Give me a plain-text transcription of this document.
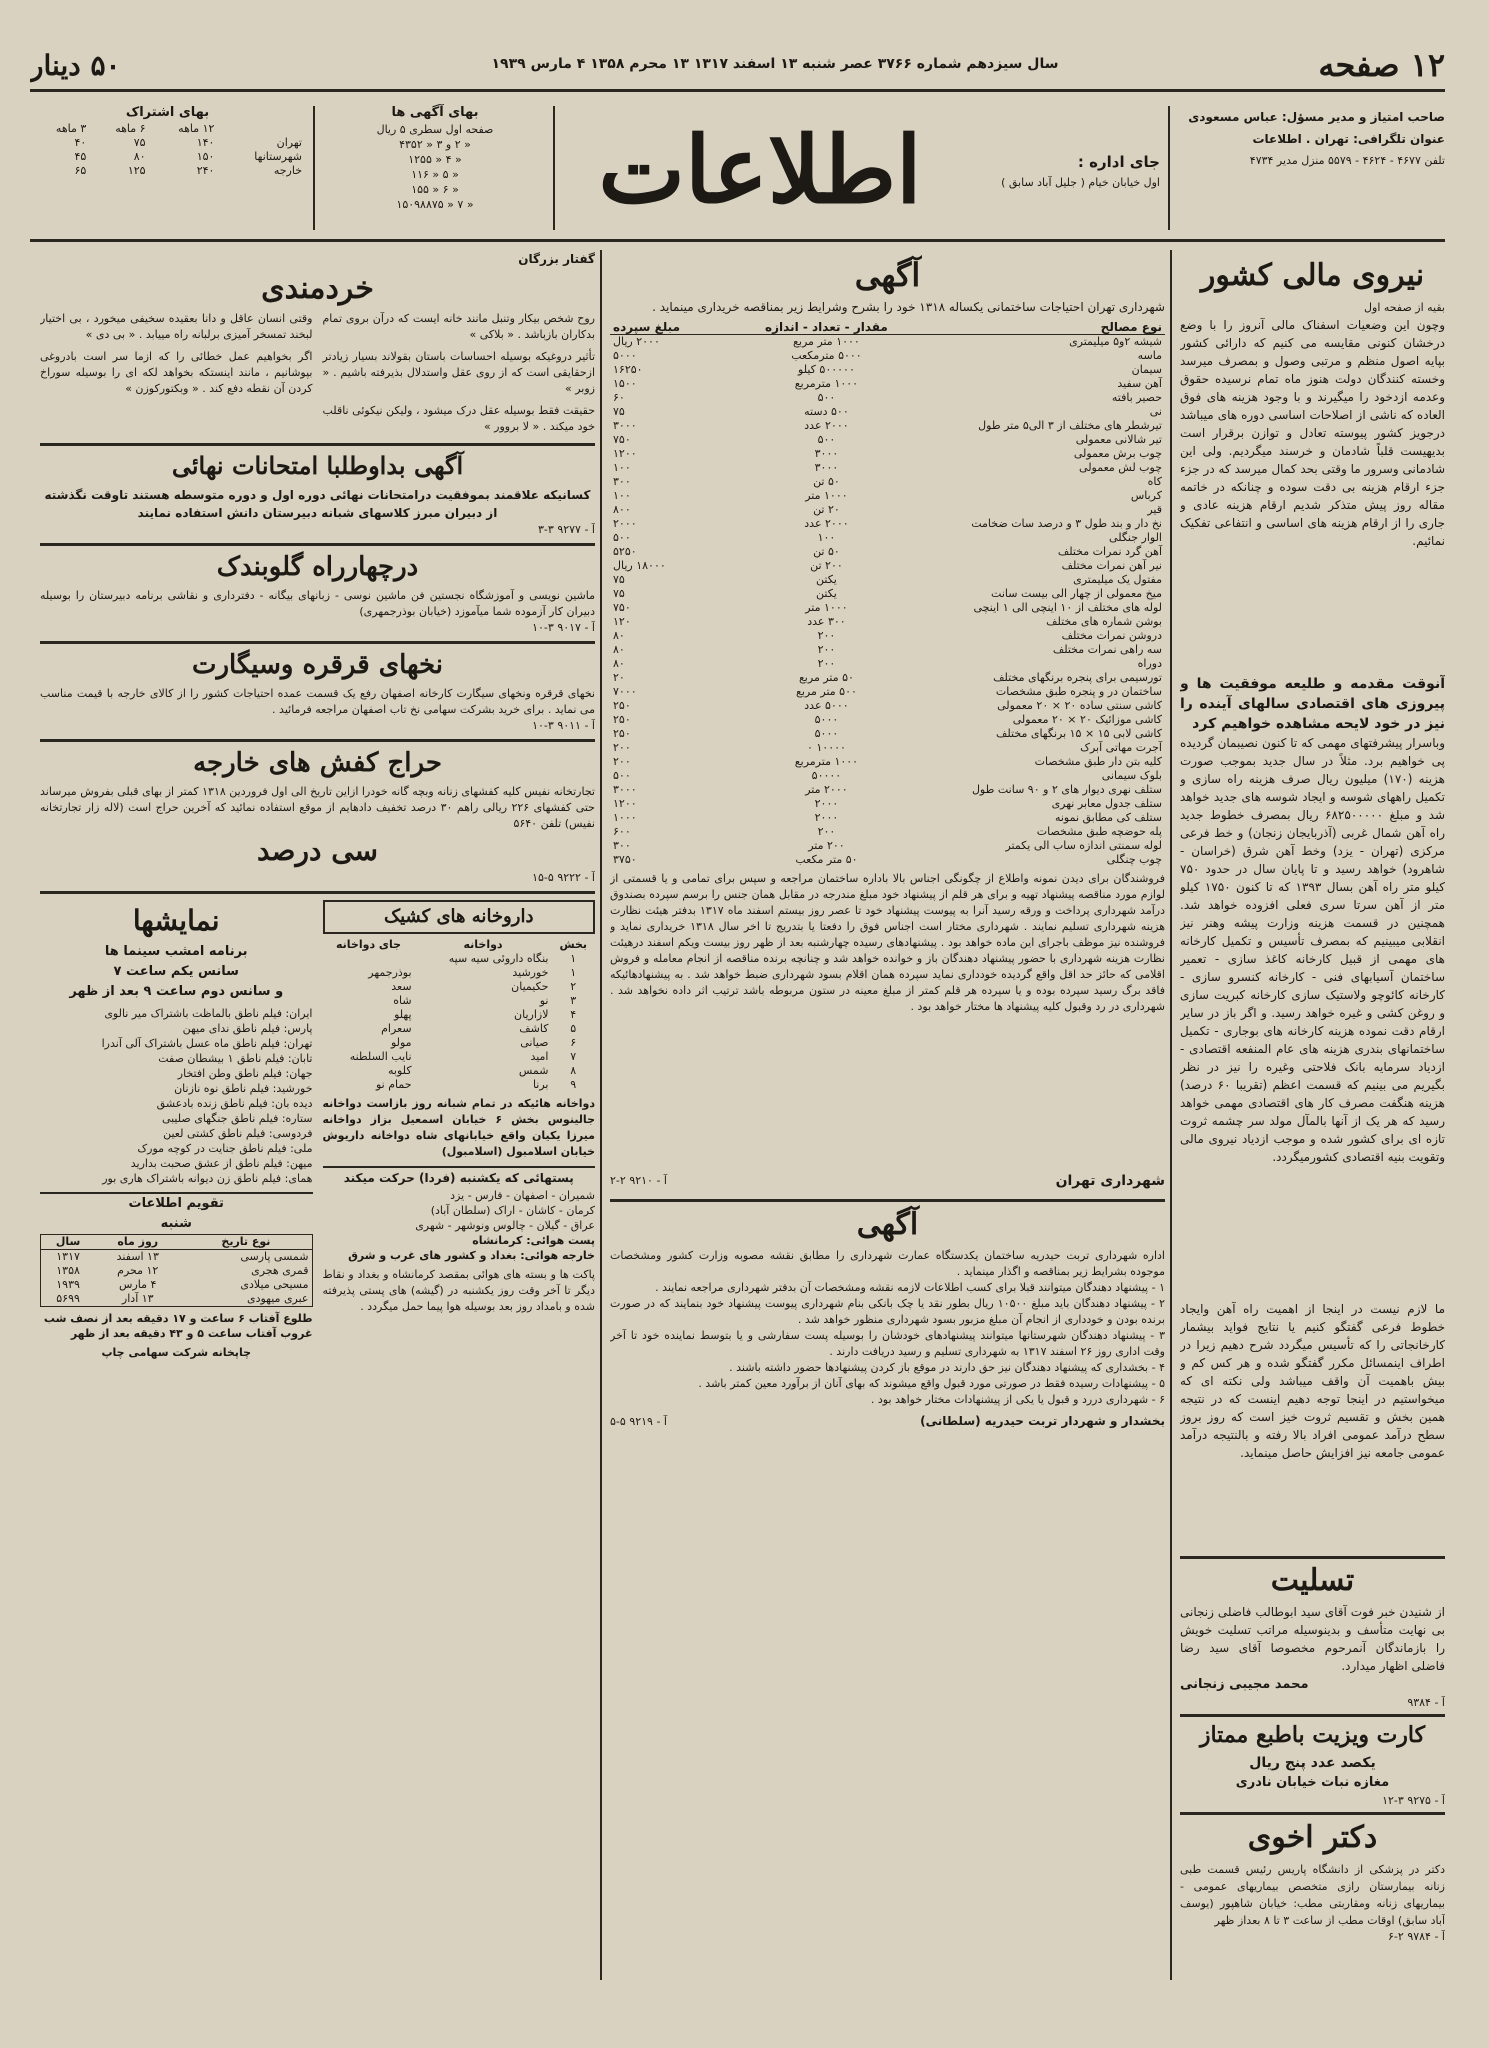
۱۲ صفحه
سال سیزدهم شماره ۳۷۶۶ عصر شنبه ۱۳ اسفند ۱۳۱۷ ۱۳ محرم ۱۳۵۸ ۴ مارس ۱۹۳۹
۵۰ دینار
صاحب امتیاز و مدیر مسؤل: عباس مسعودی
عنوان تلگرافی: تهران . اطلاعات
تلفن ۴۶۷۷ - ۴۶۲۴ - ۵۵۷۹ منزل مدیر ۴۷۳۴
جای اداره :
اول خیابان خیام ( جلیل آباد سابق )
اطلاعات
بهای آگهی ها
صفحه اول سطری ۵ ریال
« ۲ و ۳ « ۴۳۵۲
« ۴ « ۱۲۵۵
« ۵ « ۱۱۶
« ۶ « ۱۵۵
« ۷ « ۱۵۰۹۸۸۷۵
بهای اشتراک
	۱۲ ماهه	۶ ماهه	۳ ماهه
تهران	۱۴۰	۷۵	۴۰
شهرستانها	۱۵۰	۸۰	۴۵
خارجه	۲۴۰	۱۲۵	۶۵
نیروی مالی کشور
بقیه از صفحه اول
وچون این وضعیات اسفناک مالی آنروز را با وضع درخشان کنونی مقایسه می کنیم که دارائی کشور بپایه اصول منظم و مرتبی وصول و بمصرف میرسد وخسته کنندگان دولت هنوز ماه تمام نرسیده حقوق وعدمه ازدخود را میگیرند و با وجود هزینه های فوق العاده که ناشی از اصلاحات اساسی دوره های میباشد درجویز کشور پیوسته تعادل و توازن برقرار است بدیهیست قلباً شادمان و خرسند میگردیم. ولی این شادمانی وسرور ما وقتی بحد کمال میرسد که در جزء جزء ارقام هزینه بی دقت سوده و چنانکه در خاتمه مقاله روز پیش متذکر شدیم ارقام هزینه عادی و جاری را از ارقام هزینه های اساسی و انتفاعی تفکیک نمائیم.
آنوقت مقدمه و طلیعه موفقیت ها و پیروزی های اقتصادی سالهای آینده را نیز در خود لایحه مشاهده خواهیم کرد
وباسرار پیشرفتهای مهمی که تا کنون نصیبمان گردیده پی خواهیم برد. مثلاً در سال جدید بموجب صورت هزینه (۱۷۰) میلیون ریال صرف هزینه راه سازی و تکمیل راههای شوسه و ایجاد شوسه های جدید خواهد شد و مبلغ ۶۸۲۵۰۰۰۰۰ ریال بمصرف خطوط جدید راه آهن شمال غربی (آذربایجان زنجان) و خط فرعی مرکزی (تهران - یزد) وخط آهن شرق (خراسان - شاهرود) خواهد رسید و تا پایان سال در حدود ۷۵۰ کیلو متر راه آهن بسال ۱۳۹۳ که تا کنون ۱۷۵۰ کیلو متر از آهن سرتا سری فعلی افزوده خواهد شد. همچنین در قسمت هزینه وزارت پیشه وهنر نیز انقلابی میبینیم که بمصرف تأسیس و تکمیل کارخانه های مهمی از قبیل کارخانه کاغذ سازی - تعمیر ساختمان آسیابهای فنی - کارخانه کنسرو سازی - کارخانه کائوچو ولاستیک سازی کارخانه کبریت سازی و روغن کشی و غیره خواهد رسید. و اگر باز در سایر ارقام دقت نموده هزینه کارخانه های بوجاری - تکمیل ساختمانهای بندری هزینه های عام المنفعه اقتصادی - ازدیاد سرمایه بانک فلاحتی وغیره را نیز در نظر بگیریم می بینیم که قسمت اعظم (تقریبا ۶۰ درصد) هزینه هنگفت مصرف کار های اقتصادی مهمی خواهد رسید که هر یک از آنها بالمآل مولد سر چشمه ثروت تازه ای برای کشور شده و موجب ازدیاد نیروی مالی وتقویت بنیه اقتصادی کشورمیگردد.
ما لازم نیست در اینجا از اهمیت راه آهن وایجاد خطوط فرعی گفتگو کنیم یا نتایج فواید بیشمار کارخانجاتی را که تأسیس میگردد شرح دهیم زیرا در اطراف اینمسائل مکرر گفتگو شده و هر کس کم و بیش باهمیت آن واقف میباشد ولی نکته ای که میخواستیم در اینجا توجه دهیم اینست که در نتیجه همین بخش و تقسیم ثروت خیز است که روز بروز سطح درآمد عمومی افراد بالا رفته و بالنتیجه درآمد عمومی جامعه نیز افزایش حاصل مینماید.
تسلیت
از شنیدن خبر فوت آقای سید ابوطالب فاضلی زنجانی بی نهایت متأسف و بدینوسیله مراتب تسلیت خویش را بازماندگان آنمرحوم مخصوصا آقای سید رضا فاضلی اظهار میدارد.
محمد مجیبی زنجانی
آ - ۹۳۸۴
کارت ویزیت باطبع ممتاز
یکصد عدد پنج ریال
مغازه نبات خیابان نادری
آ - ۹۲۷۵ ۳-۱۲
دکتر اخوی
دکتر در پزشکی از دانشگاه پاریس رئیس قسمت طبی زنانه بیمارستان رازی متخصص بیماریهای عمومی - بیماریهای زنانه ومقاربتی مطب: خیابان شاهپور (یوسف آباد سابق) اوقات مطب از ساعت ۳ تا ۸ بعداز ظهر
آ - ۹۷۸۴ ۲-۶
آگهی
شهرداری تهران احتیاجات ساختمانی یکساله ۱۳۱۸ خود را بشرح وشرایط زیر بمناقصه خریداری مینماید .
نوع مصالح	مقدار - تعداد - اندازه	مبلغ سپرده
شیشه ۲و۵ میلیمتری	۱۰۰۰ متر مربع	۲۰۰۰ ریال
ماسه	۵۰۰۰ مترمکعب	۵۰۰۰
سیمان	۵۰۰۰۰۰ کیلو	۱۶۲۵۰
آهن سفید	۱۰۰۰ مترمربع	۱۵۰۰
حصیر بافته	۵۰۰	۶۰
نی	۵۰۰ دسته	۷۵
تیرشطر های مختلف از ۳ الی۵ متر طول	۲۰۰۰ عدد	۳۰۰۰
تیر شالانی معمولی	۵۰۰	۷۵۰
چوب برش معمولی	۳۰۰۰	۱۲۰۰
چوب لش معمولی	۳۰۰۰	۱۰۰
کاه	۵۰ تن	۳۰۰
کرباس	۱۰۰۰ متر	۱۰۰
قیر	۲۰ تن	۸۰۰
نخ دار و بند طول ۳ و درصد سات ضخامت	۲۰۰۰ عدد	۲۰۰۰
الوار جنگلی	۱۰۰	۵۰۰
آهن گرد نمرات مختلف	۵۰ تن	۵۲۵۰
نیر آهن نمرات مختلف	۲۰۰ تن	۱۸۰۰۰ ریال
مفتول یک میلیمتری	یکتن	۷۵
میخ معمولی از چهار الی بیست سانت	یکتن	۷۵
لوله های مختلف از ۱۰ اینچی الی ۱ اینچی	۱۰۰۰ متر	۷۵۰
بوشن شماره های مختلف	۳۰۰ عدد	۱۲۰
دروشن نمرات مختلف	۲۰۰	۸۰
سه راهی نمرات مختلف	۲۰۰	۸۰
دوراه	۲۰۰	۸۰
تورسیمی برای پنجره برنگهای مختلف	۵۰ متر مربع	۲۰
ساختمان در و پنجره طبق مشخصات	۵۰۰ متر مربع	۷۰۰۰
کاشی سنتی ساده ۲۰ × ۲۰ معمولی	۵۰۰۰ عدد	۲۵۰
کاشی موزائیک ۲۰ × ۲۰ معمولی	۵۰۰۰	۲۵۰
کاشی لابی ۱۵ × ۱۵ برنگهای مختلف	۵۰۰۰	۲۵۰
آجرت مهاتی آبرک	۱۰۰۰۰ ۰	۲۰۰
کلیه بتن دار طبق مشخصات	۱۰۰۰ مترمربع	۲۰۰
بلوک سیمانی	۵۰۰۰۰	۵۰۰
ستلف نهری دیوار های ۲ و ۹۰ سانت طول	۲۰۰۰ متر	۳۰۰۰
ستلف جدول معابر نهری	۲۰۰۰	۱۲۰۰
ستلف کی مطابق نمونه	۲۰۰۰	۱۰۰۰
پله حوضچه طبق مشخصات	۲۰۰	۶۰۰
لوله سمنتی اندازه ساب الی یکمتر	۲۰۰ متر	۳۰۰
چوب چنگلی	۵۰ متر مکعب	۳۷۵۰
فروشندگان برای دیدن نمونه واطلاع از چگونگی اجناس بالا باداره ساختمان مراجعه و سپس برای تمامی و یا قسمتی از لوازم مورد مناقصه پیشنهاد تهیه و برای هر قلم از پیشنهاد خود مبلغ مندرجه در مقابل همان جنس را برسم سپرده بصندوق درآمد شهرداری پرداخت و ورقه رسید آنرا به پیوست پیشنهاد خود تا عصر روز بیستم اسفند ماه ۱۳۱۷ بدفتر هیئت نظارت هزینه شهرداری تسلیم نمایند . شهرداری مختار است اجناس فوق را دفعتا یا بتدریج تا اخر سال ۱۳۱۸ خریداری نماید و فروشنده نیز موظف باجرای این ماده خواهد بود . پیشنهادهای رسیده چهارشنبه بعد از ظهر روز بیست ویکم اسفند درهیئت نظارت هزینه شهرداری با حضور پیشنهاد دهندگان باز و خوانده خواهد شد و چنانچه برنده مناقصه از انجام معامله و فروش اقلامی که حائز حد اقل واقع گردیده خودداری نماید سپرده همان اقلام بسود شهرداری ضبط خواهد شد . به پیشنهادهائیکه فاقد برگ رسید سپرده بوده و یا سپرده هر قلم کمتر از مبلغ معینه در ستون مربوطه باشد ترتیب اثر داده نخواهد شد . شهرداری در رد وقبول کلیه پیشنهاد ها مختار خواهد بود .
شهرداری تهران
آ - ۹۲۱۰ ۲-۲
آگهی
اداره شهرداری تربت حیدریه ساختمان یکدستگاه عمارت شهرداری را مطابق نقشه مصوبه وزارت کشور ومشخصات موجوده بشرایط زیر بمناقصه و اگذار مینماید .
۱ - پیشنهاد دهندگان میتوانند قبلا برای کسب اطلاعات لازمه نقشه ومشخصات آن بدفتر شهرداری مراجعه نمایند .
۲ - پیشنهاد دهندگان باید مبلغ ۱۰۵۰۰ ریال بطور نقد یا چک بانکی بنام شهرداری پیوست پیشنهاد خود بنمایند که در صورت برنده بودن و خودداری از انجام آن مبلغ مزبور بسود شهرداری منظور خواهد شد .
۳ - پیشنهاد دهندگان شهرستانها میتوانند پیشنهادهای خودشان را بوسیله پست سفارشی و یا بتوسط نماینده خود تا آخر وقت اداری روز ۲۶ اسفند ۱۳۱۷ به شهرداری تسلیم و رسید دریافت دارند .
۴ - بخشداری که پیشنهاد دهندگان نیز حق دارند در موقع باز کردن پیشنهادها حضور داشته باشند .
۵ - پیشنهادات رسیده فقط در صورتی مورد قبول واقع میشوند که بهای آنان از برآورد معین کمتر باشد .
۶ - شهرداری دررد و قبول یا یکی از پیشنهادات مختار خواهد بود .
بخشدار و شهردار تربت حیدریه (سلطانی)
آ - ۹۲۱۹ ۵-۵
گفتار بزرگان
خردمندی
روح شخص بیکار وتنبل مانند خانه ایست که درآن بروی تمام بدکاران بازباشد . « بلاکی »
تأثیر دروغیکه بوسیله احساسات باستان بقولاند بسیار زیادتر ازحقایقی است که از روی عقل واستدلال بذیرفته باشیم . « زوبر »
حقیقت فقط بوسیله عقل درک میشود ، ولیکن نیکوئی ناقلب خود میکند . « لا بروور »
وقتی انسان عاقل و دانا بعقیده سخیفی میخورد ، بی اختیار لبخند تمسخر آمیزی برلبانه راه مییابد . « بی دی »
اگر بخواهیم عمل خطائی را که ازما سر است بادروغی بپوشانیم ، مانند اینستکه بخواهد لکه ای را بوسیله سوراخ کردن آن نقطه دفع کند . « وبکتورکوزن »
آگهی بداوطلبا امتحانات نهائی
کسانیکه علاقمند بموفقیت درامتحانات نهائی دوره اول و دوره متوسطه هستند تاوقت نگذشته از دبیران مبرز کلاسهای شبانه دبیرستان دانش استفاده نمایند
آ - ۹۲۷۷ ۳-۳
درچهارراه گلوبندک
ماشین نویسی و آموزشگاه نجستین فن ماشین نوسی - زبانهای بیگانه - دفترداری و نقاشی برنامه دبیرستان را بوسیله دبیران کار آزموده شما میآموزد (خیابان بوذرجمهری)
آ - ۹۰۱۷ ۳-۱۰
نخهای قرقره وسیگارت
نخهای قرقره ونخهای سیگارت کارخانه اصفهان رفع یک قسمت عمده احتیاجات کشور را از کالای خارجه با قیمت مناسب می نماید . برای خرید بشرکت سهامی نخ تاب اصفهان مراجعه فرمائید .
آ - ۹۰۱۱ ۳-۱۰
حراج کفش های خارجه
تجارتخانه نفیس کلیه کفشهای زنانه وبچه گانه خودرا ازاین تاریخ الی اول فروردین ۱۳۱۸ کمتر از بهای قبلی بفروش میرساند حتی کفشهای ۲۲۶ ریالی راهم ۳۰ درصد تخفیف دادهایم از موقع استفاده نمائید که آخرین حراج است (لاله زار تجارتخانه نفیس) تلفن ۵۶۴۰
سی درصد
آ - ۹۲۲۲ ۵-۱۵
داروخانه های کشیک
بخش	دواخانه	جای دواخانه
۱	بنگاه داروئی سیه سپه	
۱	خورشید	بوذرجمهر
۲	حکیمیان	سعد
۳	نو	شاه
۴	لازاریان	پهلو
۵	کاشف	سعرام
۶	صیانی	مولو
۷	امید	نایب السلطنه
۸	شمس	کلوبه
۹	برنا	حمام نو
دواخانه هائیکه در تمام شبانه روز بازاست دواخانه جالینوس بخش ۶ خیابان اسمعیل بزاز دواخانه میرزا یکیان واقع خیابانهای شاه دواخانه داریوش خیابان اسلامبول (اسلامبول)
پستهائی که یکشنبه (فردا) حرکت میکند
شمیران - اصفهان - فارس - یزد
کرمان - کاشان - اراک (سلطان آباد)
عراق - گیلان - چالوس ونوشهر - شهری
پست هوائی: کرمانشاه
خارجه هوائی: بغداد و کشور های غرب و شرق
پاکت ها و بسته های هوائی بمقصد کرمانشاه و بغداد و نقاط دیگر تا آخر وقت روز یکشنبه در (گیشه) های پستی پذیرفته شده و بامداد روز بعد بوسیله هوا پیما حمل میگردد .
نمایشها
برنامه امشب سینما ها
سانس یکم ساعت ۷
و سانس دوم ساعت ۹ بعد از ظهر
ایران: فیلم ناطق بالماظت باشتراک میر نالوی
پارس: فیلم ناطق ندای میهن
تهران: فیلم ناطق ماه عسل باشتراک آلی آندرا
تابان: فیلم ناطق ۱ بیشطان صفت
جهان: فیلم ناطق وطن افتخار
خورشید: فیلم ناطق نوه نازنان
دیده بان: فیلم ناطق زنده بادعشق
ستاره: فیلم ناطق جنگهای صلیبی
فردوسی: فیلم ناطق کشتی لعین
ملی: فیلم ناطق جنایت در کوچه مورک
میهن: فیلم ناطق از عشق صحبت بدارید
همای: فیلم ناطق زن دیوانه باشتراک هاری بور
تقویم اطلاعات
شنبه
نوع تاریخ	روز ماه	سال
شمسی پارسی	۱۳ اسفند	۱۳۱۷
قمری هجری	۱۲ محرم	۱۳۵۸
مسیحی میلادی	۴ مارس	۱۹۳۹
عبری میهودی	۱۳ آدار	۵۶۹۹
طلوع آفتاب ۶ ساعت و ۱۷ دقیقه بعد از نصف شب
غروب آفتاب ساعت ۵ و ۴۳ دقیقه بعد از ظهر
چاپخانه شرکت سهامی چاپ
